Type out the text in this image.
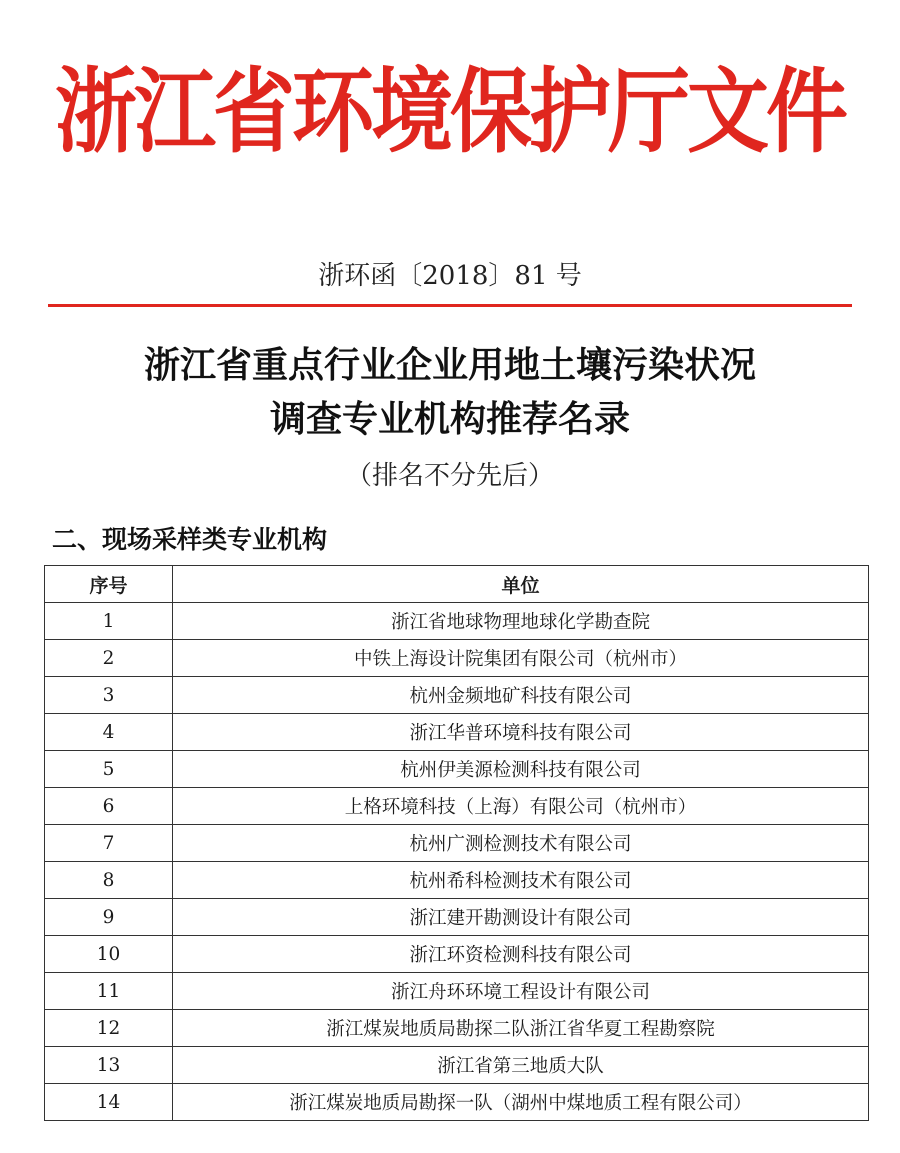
浙江省环境保护厅文件
浙环函〔2018〕81 号
浙江省重点行业企业用地土壤污染状况
调查专业机构推荐名录
（排名不分先后）
二、现场采样类专业机构
序号	单位
1	浙江省地球物理地球化学勘查院
2	中铁上海设计院集团有限公司（杭州市）
3	杭州金频地矿科技有限公司
4	浙江华普环境科技有限公司
5	杭州伊美源检测科技有限公司
6	上格环境科技（上海）有限公司（杭州市）
7	杭州广测检测技术有限公司
8	杭州希科检测技术有限公司
9	浙江建开勘测设计有限公司
10	浙江环资检测科技有限公司
11	浙江舟环环境工程设计有限公司
12	浙江煤炭地质局勘探二队浙江省华夏工程勘察院
13	浙江省第三地质大队
14	浙江煤炭地质局勘探一队（湖州中煤地质工程有限公司）
